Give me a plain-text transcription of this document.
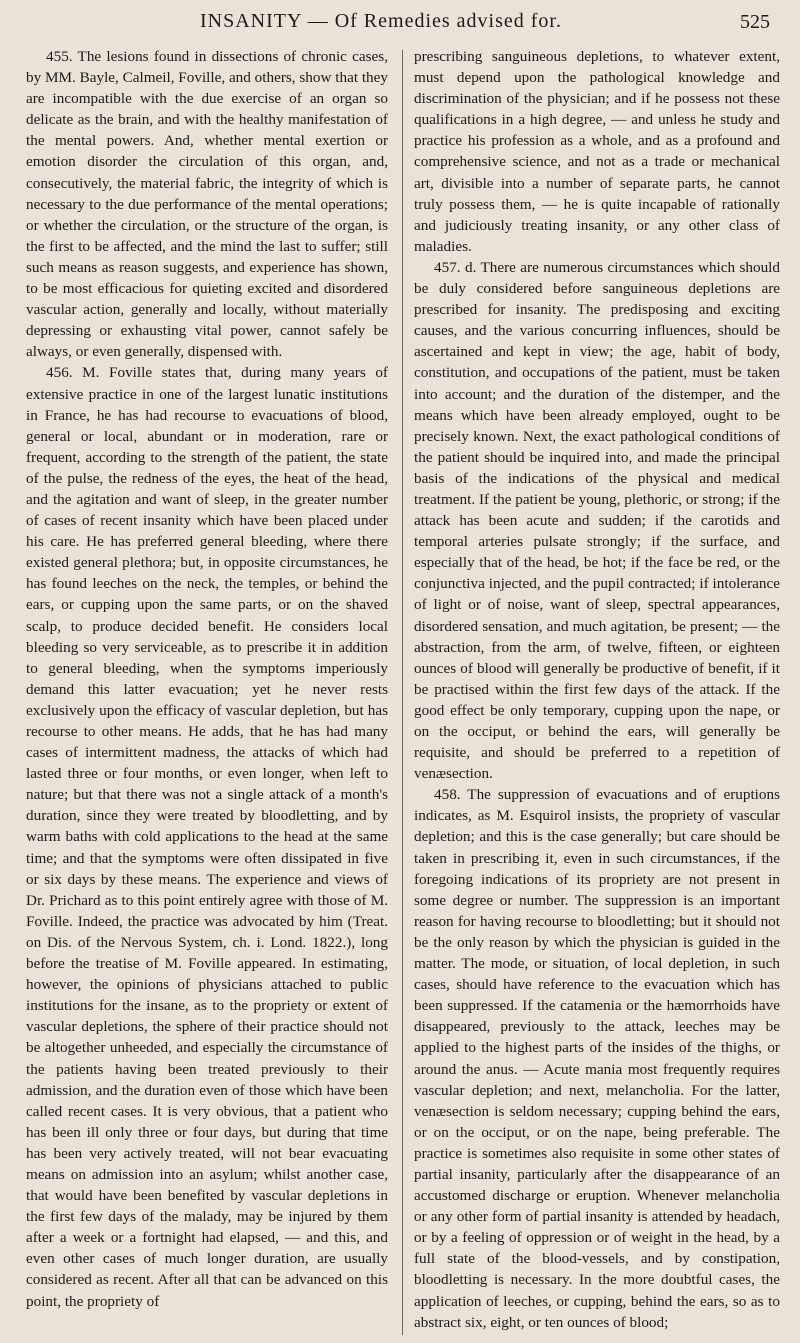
INSANITY — Of Remedies advised for.	525

455. The lesions found in dissections of chronic cases, by MM. Bayle, Calmeil, Foville, and others, show that they are incompatible with the due exercise of an organ so delicate as the brain, and with the healthy manifestation of the mental powers. And, whether mental exertion or emotion disorder the circulation of this organ, and, consecutively, the material fabric, the integrity of which is necessary to the due performance of the mental operations; or whether the circulation, or the structure of the organ, is the first to be affected, and the mind the last to suffer; still such means as reason suggests, and experience has shown, to be most efficacious for quieting excited and disordered vascular action, generally and locally, without materially depressing or exhausting vital power, cannot safely be always, or even generally, dispensed with.

456. M. Foville states that, during many years of extensive practice in one of the largest lunatic institutions in France, he has had recourse to evacuations of blood, general or local, abundant or in moderation, rare or frequent, according to the strength of the patient, the state of the pulse, the redness of the eyes, the heat of the head, and the agitation and want of sleep, in the greater number of cases of recent insanity which have been placed under his care. He has preferred general bleeding, where there existed general plethora; but, in opposite circumstances, he has found leeches on the neck, the temples, or behind the ears, or cupping upon the same parts, or on the shaved scalp, to produce decided benefit. He considers local bleeding so very serviceable, as to prescribe it in addition to general bleeding, when the symptoms imperiously demand this latter evacuation; yet he never rests exclusively upon the efficacy of vascular depletion, but has recourse to other means. He adds, that he has had many cases of intermittent madness, the attacks of which had lasted three or four months, or even longer, when left to nature; but that there was not a single attack of a month's duration, since they were treated by bloodletting, and by warm baths with cold applications to the head at the same time; and that the symptoms were often dissipated in five or six days by these means. The experience and views of Dr. Prichard as to this point entirely agree with those of M. Foville. Indeed, the practice was advocated by him (Treat. on Dis. of the Nervous System, ch. i. Lond. 1822.), long before the treatise of M. Foville appeared. In estimating, however, the opinions of physicians attached to public institutions for the insane, as to the propriety or extent of vascular depletions, the sphere of their practice should not be altogether unheeded, and especially the circumstance of the patients having been treated previously to their admission, and the duration even of those which have been called recent cases. It is very obvious, that a patient who has been ill only three or four days, but during that time has been very actively treated, will not bear evacuating means on admission into an asylum; whilst another case, that would have been benefited by vascular depletions in the first few days of the malady, may be injured by them after a week or a fortnight had elapsed, — and this, and even other cases of much longer duration, are usually considered as recent. After all that can be advanced on this point, the propriety of

prescribing sanguineous depletions, to whatever extent, must depend upon the pathological knowledge and discrimination of the physician; and if he possess not these qualifications in a high degree, — and unless he study and practice his profession as a whole, and as a profound and comprehensive science, and not as a trade or mechanical art, divisible into a number of separate parts, he cannot truly possess them, — he is quite incapable of rationally and judiciously treating insanity, or any other class of maladies.

457. d. There are numerous circumstances which should be duly considered before sanguineous depletions are prescribed for insanity. The predisposing and exciting causes, and the various concurring influences, should be ascertained and kept in view; the age, habit of body, constitution, and occupations of the patient, must be taken into account; and the duration of the distemper, and the means which have been already employed, ought to be precisely known. Next, the exact pathological conditions of the patient should be inquired into, and made the principal basis of the indications of the physical and medical treatment. If the patient be young, plethoric, or strong; if the attack has been acute and sudden; if the carotids and temporal arteries pulsate strongly; if the surface, and especially that of the head, be hot; if the face be red, or the conjunctiva injected, and the pupil contracted; if intolerance of light or of noise, want of sleep, spectral appearances, disordered sensation, and much agitation, be present; — the abstraction, from the arm, of twelve, fifteen, or eighteen ounces of blood will generally be productive of benefit, if it be practised within the first few days of the attack. If the good effect be only temporary, cupping upon the nape, or on the occiput, or behind the ears, will generally be requisite, and should be preferred to a repetition of venæsection.

458. The suppression of evacuations and of eruptions indicates, as M. Esquirol insists, the propriety of vascular depletion; and this is the case generally; but care should be taken in prescribing it, even in such circumstances, if the foregoing indications of its propriety are not present in some degree or number. The suppression is an important reason for having recourse to bloodletting; but it should not be the only reason by which the physician is guided in the matter. The mode, or situation, of local depletion, in such cases, should have reference to the evacuation which has been suppressed. If the catamenia or the hæmorrhoids have disappeared, previously to the attack, leeches may be applied to the highest parts of the insides of the thighs, or around the anus. — Acute mania most frequently requires vascular depletion; and next, melancholia. For the latter, venæsection is seldom necessary; cupping behind the ears, or on the occiput, or on the nape, being preferable. The practice is sometimes also requisite in some other states of partial insanity, particularly after the disappearance of an accustomed discharge or eruption. Whenever melancholia or any other form of partial insanity is attended by headach, or by a feeling of oppression or of weight in the head, by a full state of the blood-vessels, and by constipation, bloodletting is necessary. In the more doubtful cases, the application of leeches, or cupping, behind the ears, so as to abstract six, eight, or ten ounces of blood;
